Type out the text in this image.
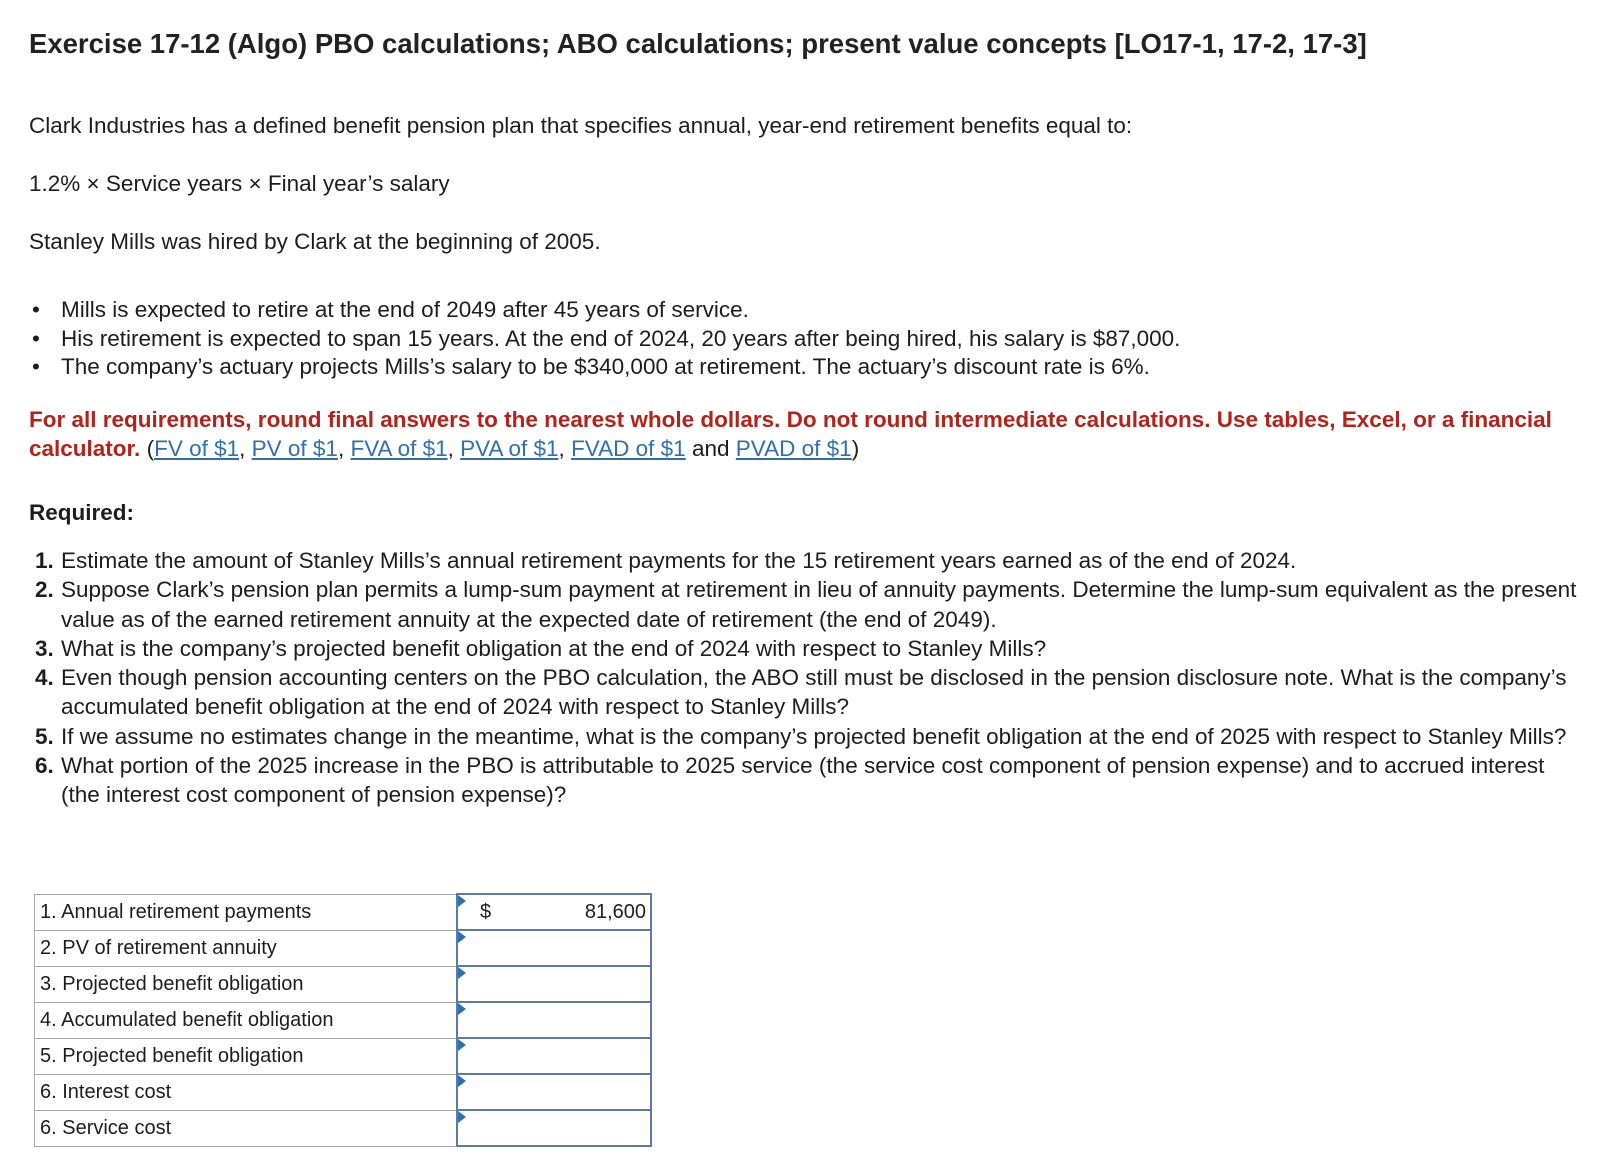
Exercise 17-12 (Algo) PBO calculations; ABO calculations; present value concepts [LO17-1, 17-2, 17-3]

Clark Industries has a defined benefit pension plan that specifies annual, year-end retirement benefits equal to:

1.2% × Service years × Final year’s salary

Stanley Mills was hired by Clark at the beginning of 2005.

• Mills is expected to retire at the end of 2049 after 45 years of service.
• His retirement is expected to span 15 years. At the end of 2024, 20 years after being hired, his salary is $87,000.
• The company’s actuary projects Mills’s salary to be $340,000 at retirement. The actuary’s discount rate is 6%.

For all requirements, round final answers to the nearest whole dollars. Do not round intermediate calculations. Use tables, Excel, or a financial calculator. (FV of $1, PV of $1, FVA of $1, PVA of $1, FVAD of $1 and PVAD of $1)

Required:

1. Estimate the amount of Stanley Mills’s annual retirement payments for the 15 retirement years earned as of the end of 2024.
2. Suppose Clark’s pension plan permits a lump-sum payment at retirement in lieu of annuity payments. Determine the lump-sum equivalent as the present value as of the earned retirement annuity at the expected date of retirement (the end of 2049).
3. What is the company’s projected benefit obligation at the end of 2024 with respect to Stanley Mills?
4. Even though pension accounting centers on the PBO calculation, the ABO still must be disclosed in the pension disclosure note. What is the company’s accumulated benefit obligation at the end of 2024 with respect to Stanley Mills?
5. If we assume no estimates change in the meantime, what is the company’s projected benefit obligation at the end of 2025 with respect to Stanley Mills?
6. What portion of the 2025 increase in the PBO is attributable to 2025 service (the service cost component of pension expense) and to accrued interest (the interest cost component of pension expense)?
1. Annual retirement payments	$ 81,600

2. PV of retirement annuity	

3. Projected benefit obligation	

4. Accumulated benefit obligation	

5. Projected benefit obligation	

6. Interest cost	

6. Service cost	
